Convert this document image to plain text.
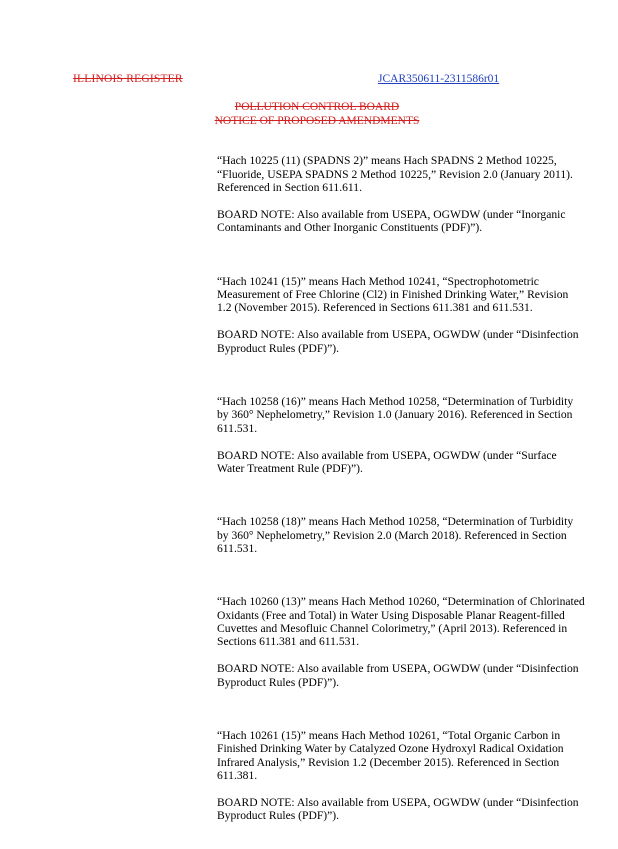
ILLINOIS REGISTER	JCAR350611-2311586r01
POLLUTION CONTROL BOARD
NOTICE OF PROPOSED AMENDMENTS

“Hach 10225 (11) (SPADNS 2)” means Hach SPADNS 2 Method 10225, “Fluoride, USEPA SPADNS 2 Method 10225,” Revision 2.0 (January 2011). Referenced in Section 611.611.

BOARD NOTE: Also available from USEPA, OGWDW (under “Inorganic Contaminants and Other Inorganic Constituents (PDF)”).

“Hach 10241 (15)” means Hach Method 10241, “Spectrophotometric Measurement of Free Chlorine (Cl2) in Finished Drinking Water,” Revision 1.2 (November 2015). Referenced in Sections 611.381 and 611.531.

BOARD NOTE: Also available from USEPA, OGWDW (under “Disinfection Byproduct Rules (PDF)”).

“Hach 10258 (16)” means Hach Method 10258, “Determination of Turbidity by 360° Nephelometry,” Revision 1.0 (January 2016). Referenced in Section 611.531.

BOARD NOTE: Also available from USEPA, OGWDW (under “Surface Water Treatment Rule (PDF)”).

“Hach 10258 (18)” means Hach Method 10258, “Determination of Turbidity by 360° Nephelometry,” Revision 2.0 (March 2018). Referenced in Section 611.531.

“Hach 10260 (13)” means Hach Method 10260, “Determination of Chlorinated Oxidants (Free and Total) in Water Using Disposable Planar Reagent-filled Cuvettes and Mesofluic Channel Colorimetry,” (April 2013). Referenced in Sections 611.381 and 611.531.

BOARD NOTE: Also available from USEPA, OGWDW (under “Disinfection Byproduct Rules (PDF)”).

“Hach 10261 (15)” means Hach Method 10261, “Total Organic Carbon in Finished Drinking Water by Catalyzed Ozone Hydroxyl Radical Oxidation Infrared Analysis,” Revision 1.2 (December 2015). Referenced in Section 611.381.

BOARD NOTE: Also available from USEPA, OGWDW (under “Disinfection Byproduct Rules (PDF)”).
